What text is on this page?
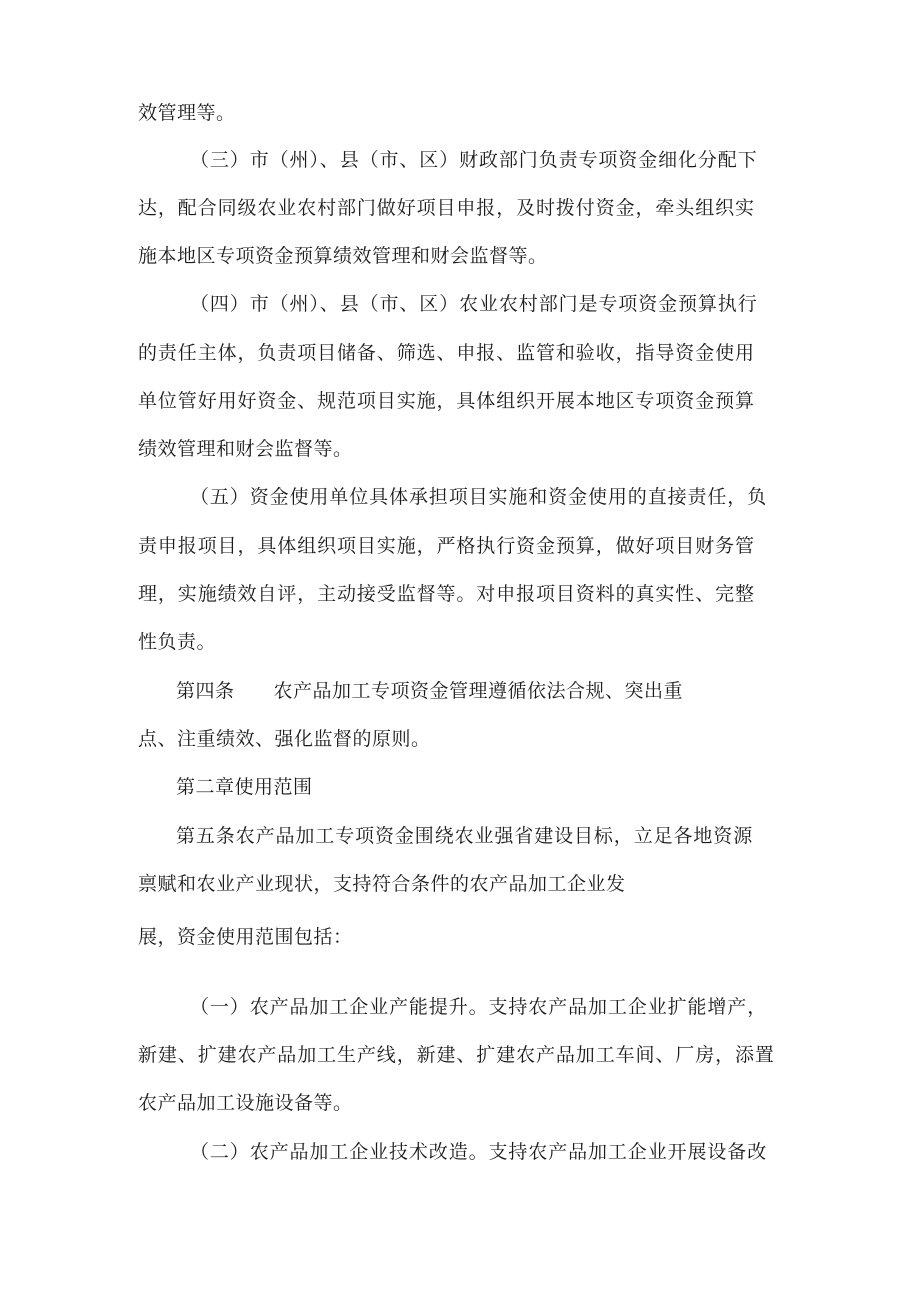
效管理等。
（三）市（州）、县（市、区）财政部门负责专项资金细化分配下
达，配合同级农业农村部门做好项目申报，及时拨付资金，牵头组织实
施本地区专项资金预算绩效管理和财会监督等。
（四）市（州）、县（市、区）农业农村部门是专项资金预算执行
的责任主体，负责项目储备、筛选、申报、监管和验收，指导资金使用
单位管好用好资金、规范项目实施，具体组织开展本地区专项资金预算
绩效管理和财会监督等。
（五）资金使用单位具体承担项目实施和资金使用的直接责任，负
责申报项目，具体组织项目实施，严格执行资金预算，做好项目财务管
理，实施绩效自评，主动接受监督等。对申报项目资料的真实性、完整
性负责。
第四条　　农产品加工专项资金管理遵循依法合规、突出重
点、注重绩效、强化监督的原则。
第二章使用范围
第五条农产品加工专项资金围绕农业强省建设目标，立足各地资源
禀赋和农业产业现状，支持符合条件的农产品加工企业发
展，资金使用范围包括：
（一）农产品加工企业产能提升。支持农产品加工企业扩能增产，
新建、扩建农产品加工生产线，新建、扩建农产品加工车间、厂房，添置
农产品加工设施设备等。
（二）农产品加工企业技术改造。支持农产品加工企业开展设备改
